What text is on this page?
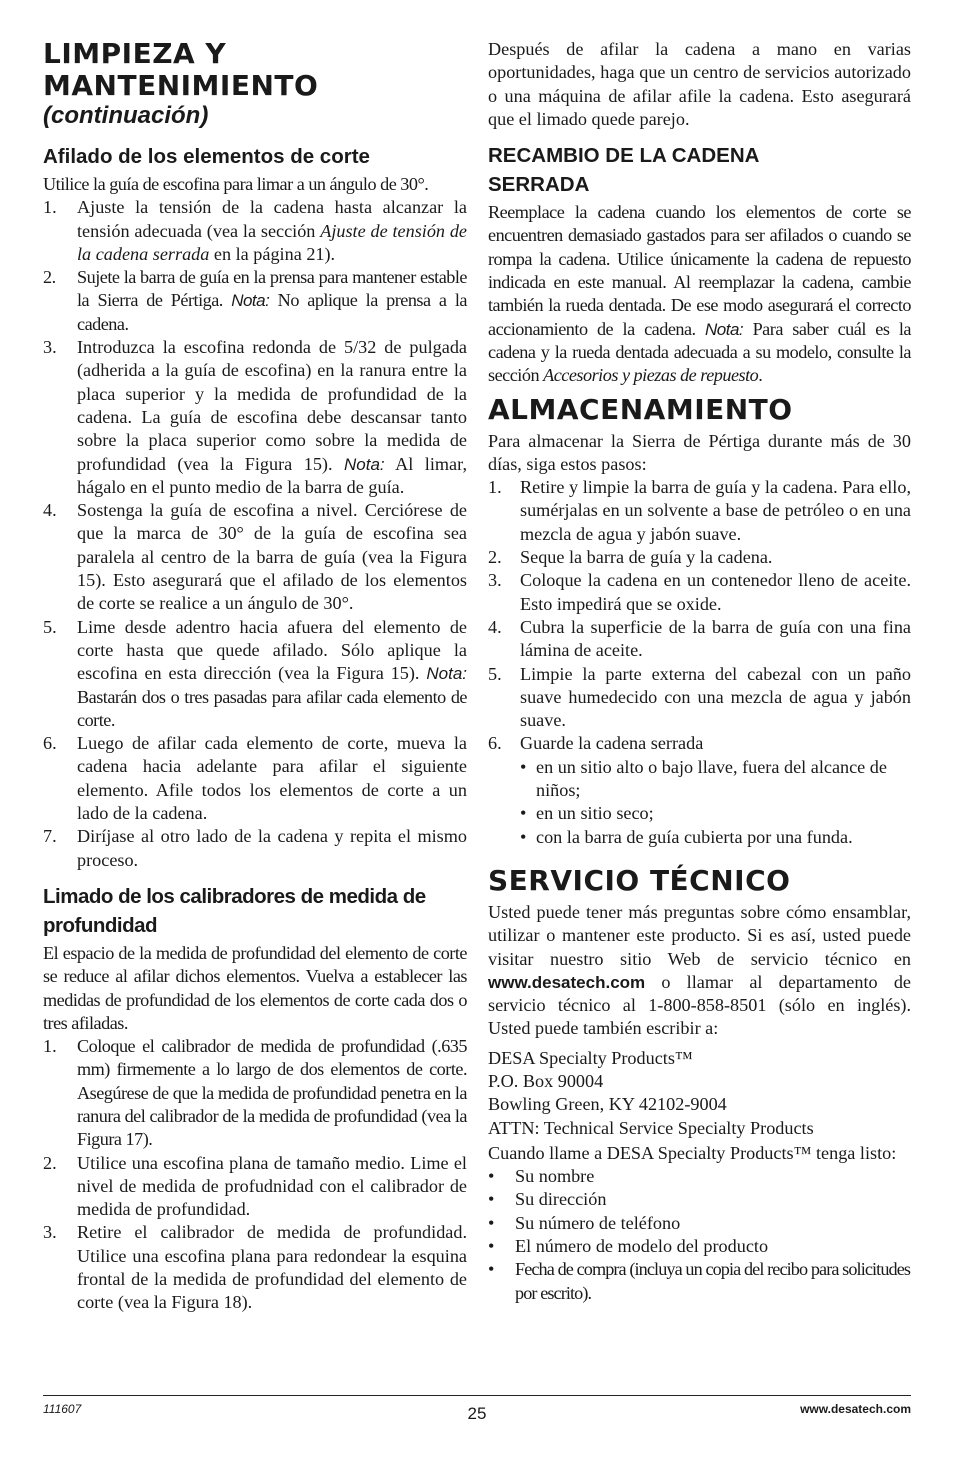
LIMPIEZA Y
MANTENIMIENTO
(continuación)
Afilado de los elementos de corte

Utilice la guía de escofina para limar a un ángulo de 30°.

1.	Ajuste la tensión de la cadena hasta alcanzar la tensión adecuada (vea la sección Ajuste de tensión de la cadena serrada en la página 21).
2.	Sujete la barra de guía en la prensa para mantener estable la Sierra de Pértiga. Nota: No aplique la prensa a la cadena.
3.	Introduzca la escofina redonda de 5/32 de pulgada (adherida a la guía de escofina) en la ranura entre la placa superior y la medida de profundidad de la cadena. La guía de escofina debe descansar tanto sobre la placa superior como sobre la medida de profundidad (vea la Figura 15). Nota: Al limar, hágalo en el punto medio de la barra de guía.
4.	Sostenga la guía de escofina a nivel. Cerciórese de que la marca de 30° de la guía de escofina sea paralela al centro de la barra de guía (vea la Figura 15). Esto asegurará que el afilado de los elementos de corte se realice a un ángulo de 30°.
5.	Lime desde adentro hacia afuera del elemento de corte hasta que quede afilado. Sólo aplique la escofina en esta dirección (vea la Figura 15). Nota: Bastarán dos o tres pasadas para afilar cada elemento de corte.
6.	Luego de afilar cada elemento de corte, mueva la cadena hacia adelante para afilar el siguiente elemento. Afile todos los elementos de corte a un lado de la cadena.
7.	Diríjase al otro lado de la cadena y repita el mismo proceso.
Limado de los calibradores de medida de profundidad

El espacio de la medida de profundidad del elemento de corte se reduce al afilar dichos elementos. Vuelva a establecer las medidas de profundidad de los elementos de corte cada dos o tres afiladas.

1.	Coloque el calibrador de medida de profundidad (.635 mm) firmemente a lo largo de dos elementos de corte. Asegúrese de que la medida de profundidad penetra en la ranura del calibrador de la medida de profundidad (vea la Figura 17).
2.	Utilice una escofina plana de tamaño medio. Lime el nivel de medida de profudnidad con el calibrador de medida de profundidad.
3.	Retire el calibrador de medida de profundidad. Utilice una escofina plana para redondear la esquina frontal de la medida de profundidad del elemento de corte (vea la Figura 18).

Después de afilar la cadena a mano en varias oportunidades, haga que un centro de servicios autorizado o una máquina de afilar afile la cadena. Esto asegurará que el limado quede parejo.

RECAMBIO DE LA CADENA
SERRADA

Reemplace la cadena cuando los elementos de corte se encuentren demasiado gastados para ser afilados o cuando se rompa la cadena. Utilice únicamente la cadena de repuesto indicada en este manual. Al reemplazar la cadena, cambie también la rueda dentada. De ese modo asegurará el correcto accionamiento de la cadena. Nota: Para saber cuál es la cadena y la rueda dentada adecuada a su modelo, consulte la sección Accesorios y piezas de repuesto.

ALMACENAMIENTO

Para almacenar la Sierra de Pértiga durante más de 30 días, siga estos pasos:

1.	Retire y limpie la barra de guía y la cadena. Para ello, sumérjalas en un solvente a base de petróleo o en una mezcla de agua y jabón suave.
2.	Seque la barra de guía y la cadena.
3.	Coloque la cadena en un contenedor lleno de aceite. Esto impedirá que se oxide.
4.	Cubra la superficie de la barra de guía con una fina lámina de aceite.
5.	Limpie la parte externa del cabezal con un paño suave humedecido con una mezcla de agua y jabón suave.
6.	Guarde la cadena serrada
• en un sitio alto o bajo llave, fuera del alcance de niños;
• en un sitio seco;
• con la barra de guía cubierta por una funda.
SERVICIO TÉCNICO

Usted puede tener más preguntas sobre cómo ensamblar, utilizar o mantener este producto. Si es así, usted puede visitar nuestro sitio Web de servicio técnico en www.desatech.com o llamar al departamento de servicio técnico al 1-800-858-8501 (sólo en inglés). Usted puede también escribir a:

DESA Specialty Products™
P.O. Box 90004
Bowling Green, KY 42102-9004
ATTN: Technical Service Specialty Products

Cuando llame a DESA Specialty Products™ tenga listo:

•	Su nombre
•	Su dirección
•	Su número de teléfono
•	El número de modelo del producto
•	Fecha de compra (incluya un copia del recibo para solicitudes por escrito).
111607	25	www.desatech.com
